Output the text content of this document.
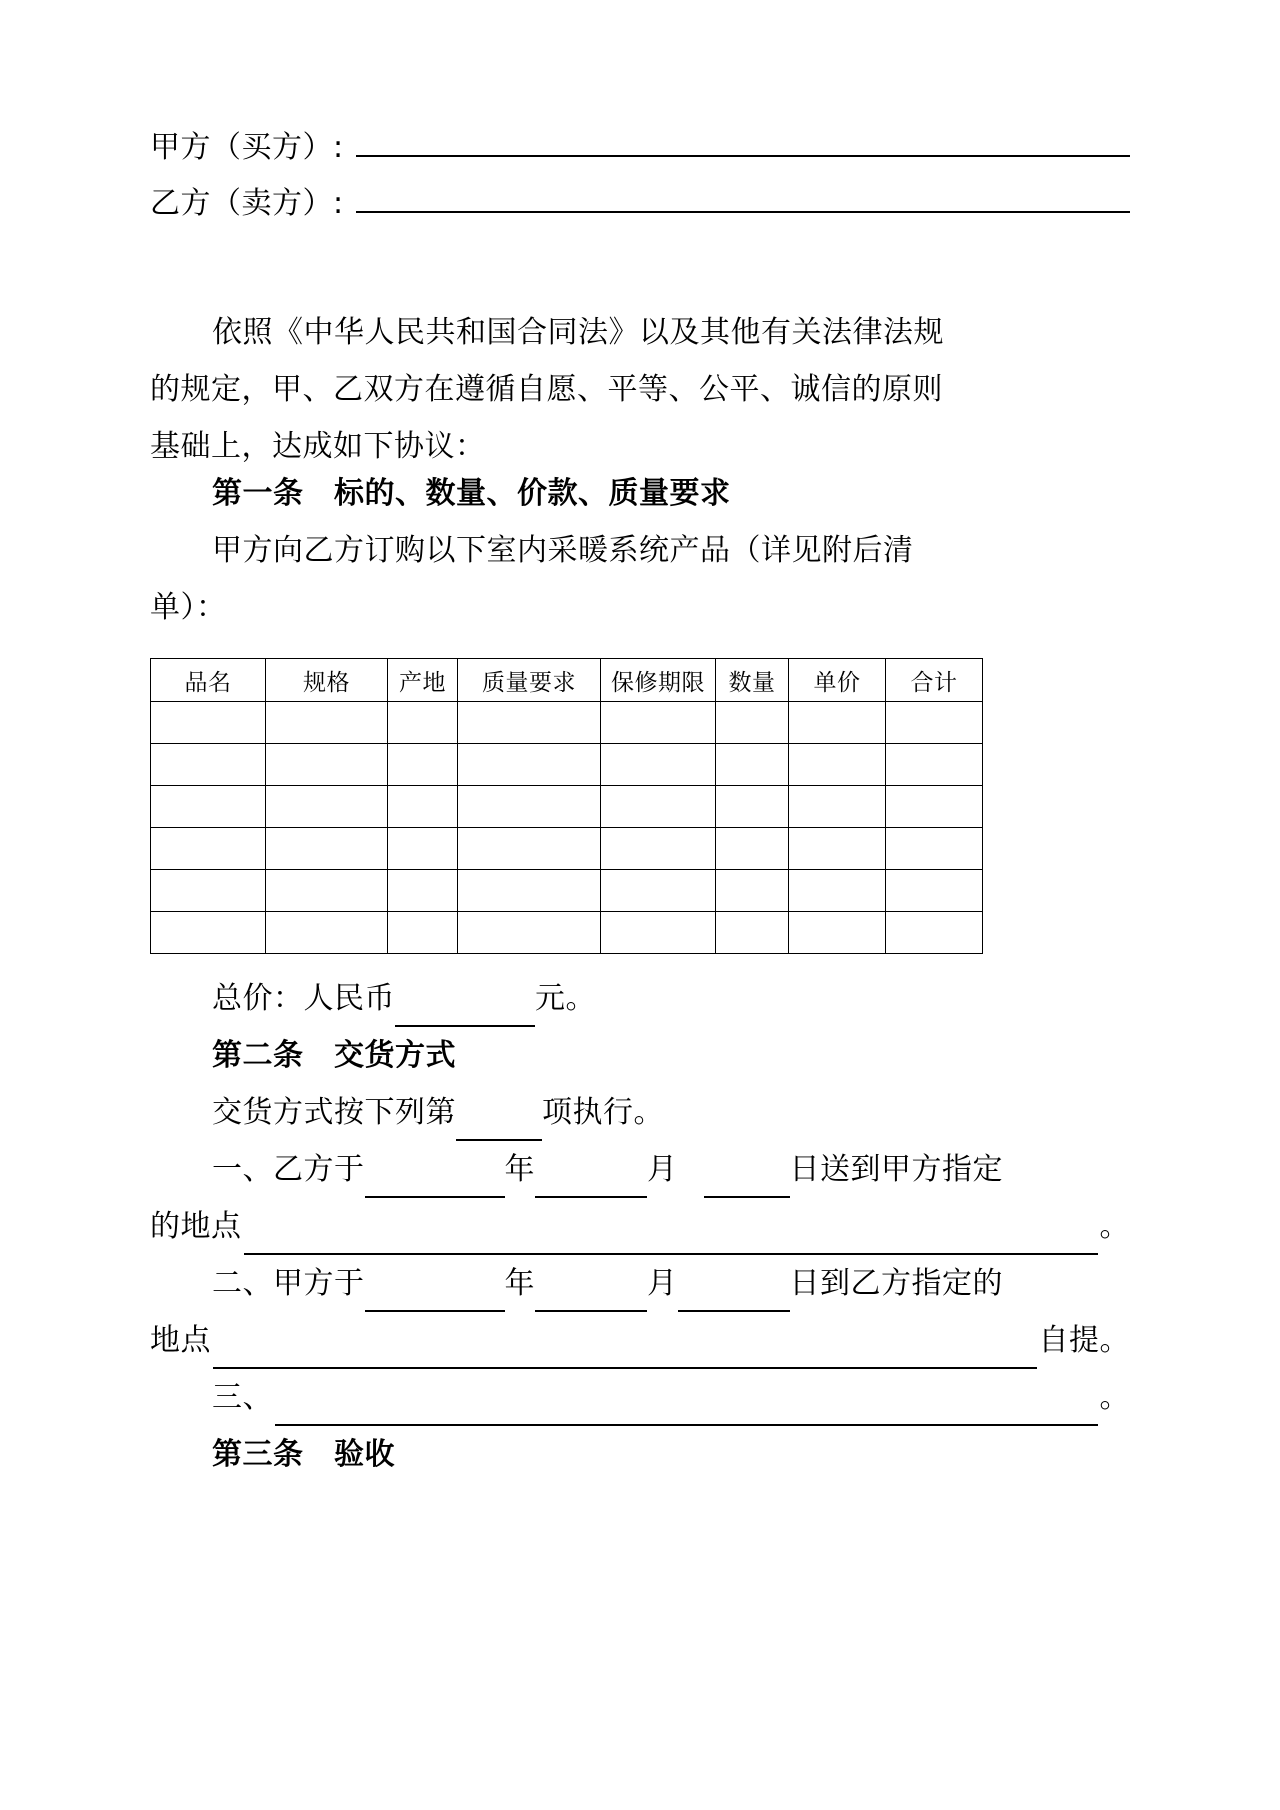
甲方（买方）:
乙方（卖方）:
依照《中华人民共和国合同法》以及其他有关法律法规
的规定，甲、乙双方在遵循自愿、平等、公平、诚信的原则
基础上，达成如下协议：
第一条　标的、数量、价款、质量要求
甲方向乙方订购以下室内采暖系统产品（详见附后清
单）：
品名	规格	产地	质量要求	保修期限	数量	单价	合计

总价：人民币	元。
第二条　交货方式
交货方式按下列第	项执行。
一、乙方于	年	月	日送到甲方指定
的地点	。
二、甲方于	年	月	日到乙方指定的
地点	自提。
三、	。
第三条　验收
